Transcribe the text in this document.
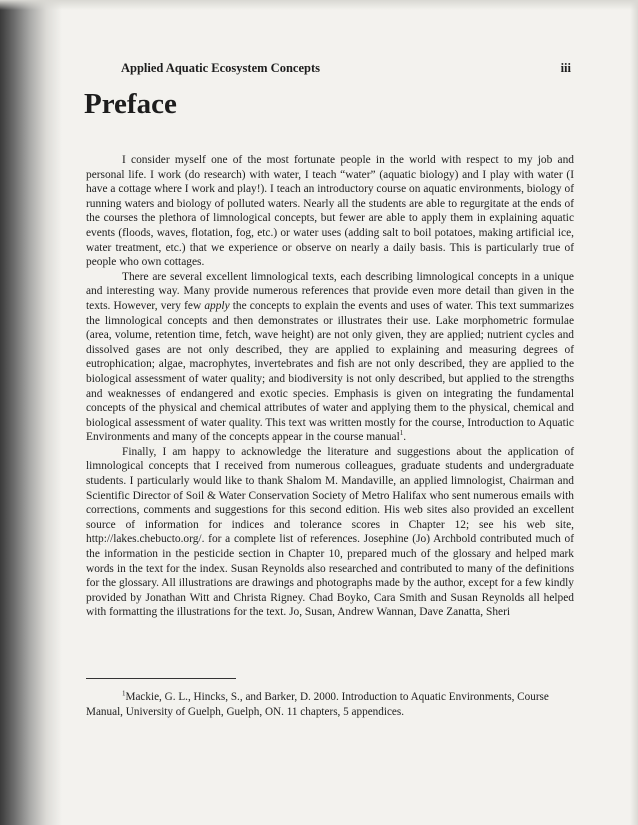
Applied Aquatic Ecosystem Concepts	iii
Preface

I consider myself one of the most fortunate people in the world with respect to my job and personal life. I work (do research) with water, I teach “water” (aquatic biology) and I play with water (I have a cottage where I work and play!). I teach an introductory course on aquatic environments, biology of running waters and biology of polluted waters. Nearly all the students are able to regurgitate at the ends of the courses the plethora of limnological concepts, but fewer are able to apply them in explaining aquatic events (floods, waves, flotation, fog, etc.) or water uses (adding salt to boil potatoes, making artificial ice, water treatment, etc.) that we experience or observe on nearly a daily basis. This is particularly true of people who own cottages.

There are several excellent limnological texts, each describing limnological concepts in a unique and interesting way. Many provide numerous references that provide even more detail than given in the texts. However, very few apply the concepts to explain the events and uses of water. This text summarizes the limnological concepts and then demonstrates or illustrates their use. Lake morphometric formulae (area, volume, retention time, fetch, wave height) are not only given, they are applied; nutrient cycles and dissolved gases are not only described, they are applied to explaining and measuring degrees of eutrophication; algae, macrophytes, invertebrates and fish are not only described, they are applied to the biological assessment of water quality; and biodiversity is not only described, but applied to the strengths and weaknesses of endangered and exotic species. Emphasis is given on integrating the fundamental concepts of the physical and chemical attributes of water and applying them to the physical, chemical and biological assessment of water quality. This text was written mostly for the course, Introduction to Aquatic Environments and many of the concepts appear in the course manual$^1$.

Finally, I am happy to acknowledge the literature and suggestions about the application of limnological concepts that I received from numerous colleagues, graduate students and undergraduate students. I particularly would like to thank Shalom M. Mandaville, an applied limnologist, Chairman and Scientific Director of Soil & Water Conservation Society of Metro Halifax who sent numerous emails with corrections, comments and suggestions for this second edition. His web sites also provided an excellent source of information for indices and tolerance scores in Chapter 12; see his web site, http://lakes.chebucto.org/. for a complete list of references. Josephine (Jo) Archbold contributed much of the information in the pesticide section in Chapter 10, prepared much of the glossary and helped mark words in the text for the index. Susan Reynolds also researched and contributed to many of the definitions for the glossary. All illustrations are drawings and photographs made by the author, except for a few kindly provided by Jonathan Witt and Christa Rigney. Chad Boyko, Cara Smith and Susan Reynolds all helped with formatting the illustrations for the text. Jo, Susan, Andrew Wannan, Dave Zanatta, Sheri

$^1$Mackie, G. L., Hincks, S., and Barker, D. 2000. Introduction to Aquatic Environments, Course Manual, University of Guelph, Guelph, ON. 11 chapters, 5 appendices.
